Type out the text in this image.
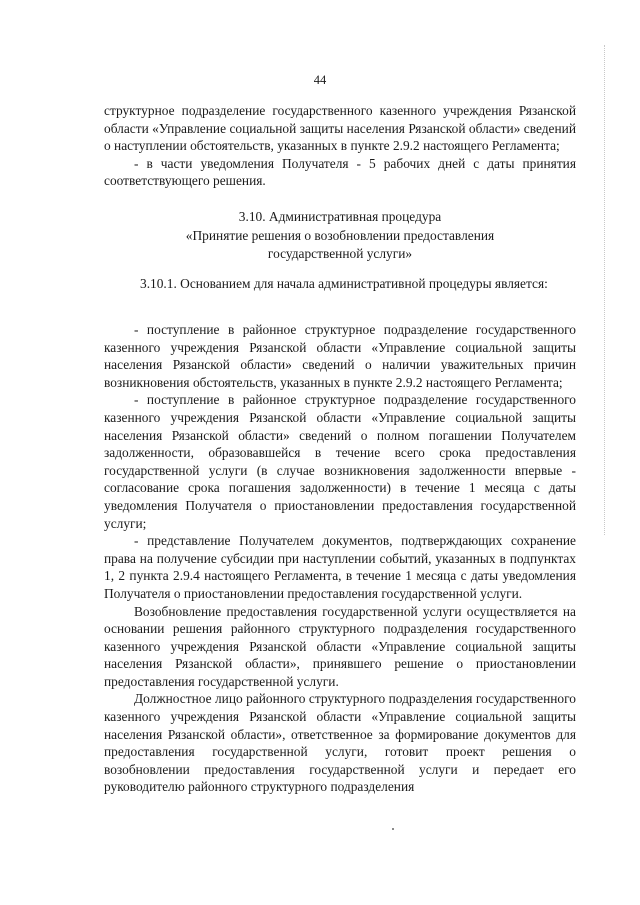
44

структурное подразделение государственного казенного учреждения Рязанской области «Управление социальной защиты населения Рязанской области» сведений о наступлении обстоятельств, указанных в пункте 2.9.2 настоящего Регламента;

- в части уведомления Получателя - 5 рабочих дней с даты принятия соответствующего решения.

3.10. Административная процедура
«Принятие решения о возобновлении предоставления
государственной услуги»
3.10.1. Основанием для начала административной процедуры является:

- поступление в районное структурное подразделение государственного казенного учреждения Рязанской области «Управление социальной защиты населения Рязанской области» сведений о наличии уважительных причин возникновения обстоятельств, указанных в пункте 2.9.2 настоящего Регламента;

- поступление в районное структурное подразделение государственного казенного учреждения Рязанской области «Управление социальной защиты населения Рязанской области» сведений о полном погашении Получателем задолженности, образовавшейся в течение всего срока предоставления государственной услуги (в случае возникновения задолженности впервые - согласование срока погашения задолженности) в течение 1 месяца с даты уведомления Получателя о приостановлении предоставления государственной услуги;

- представление Получателем документов, подтверждающих сохранение права на получение субсидии при наступлении событий, указанных в подпунктах 1, 2 пункта 2.9.4 настоящего Регламента, в течение 1 месяца с даты уведомления Получателя о приостановлении предоставления государственной услуги.

Возобновление предоставления государственной услуги осуществляется на основании решения районного структурного подразделения государственного казенного учреждения Рязанской области «Управление социальной защиты населения Рязанской области», принявшего решение о приостановлении предоставления государственной услуги.

Должностное лицо районного структурного подразделения государственного казенного учреждения Рязанской области «Управление социальной защиты населения Рязанской области», ответственное за формирование документов для предоставления государственной услуги, готовит проект решения о возобновлении предоставления государственной услуги и передает его руководителю районного структурного подразделения
